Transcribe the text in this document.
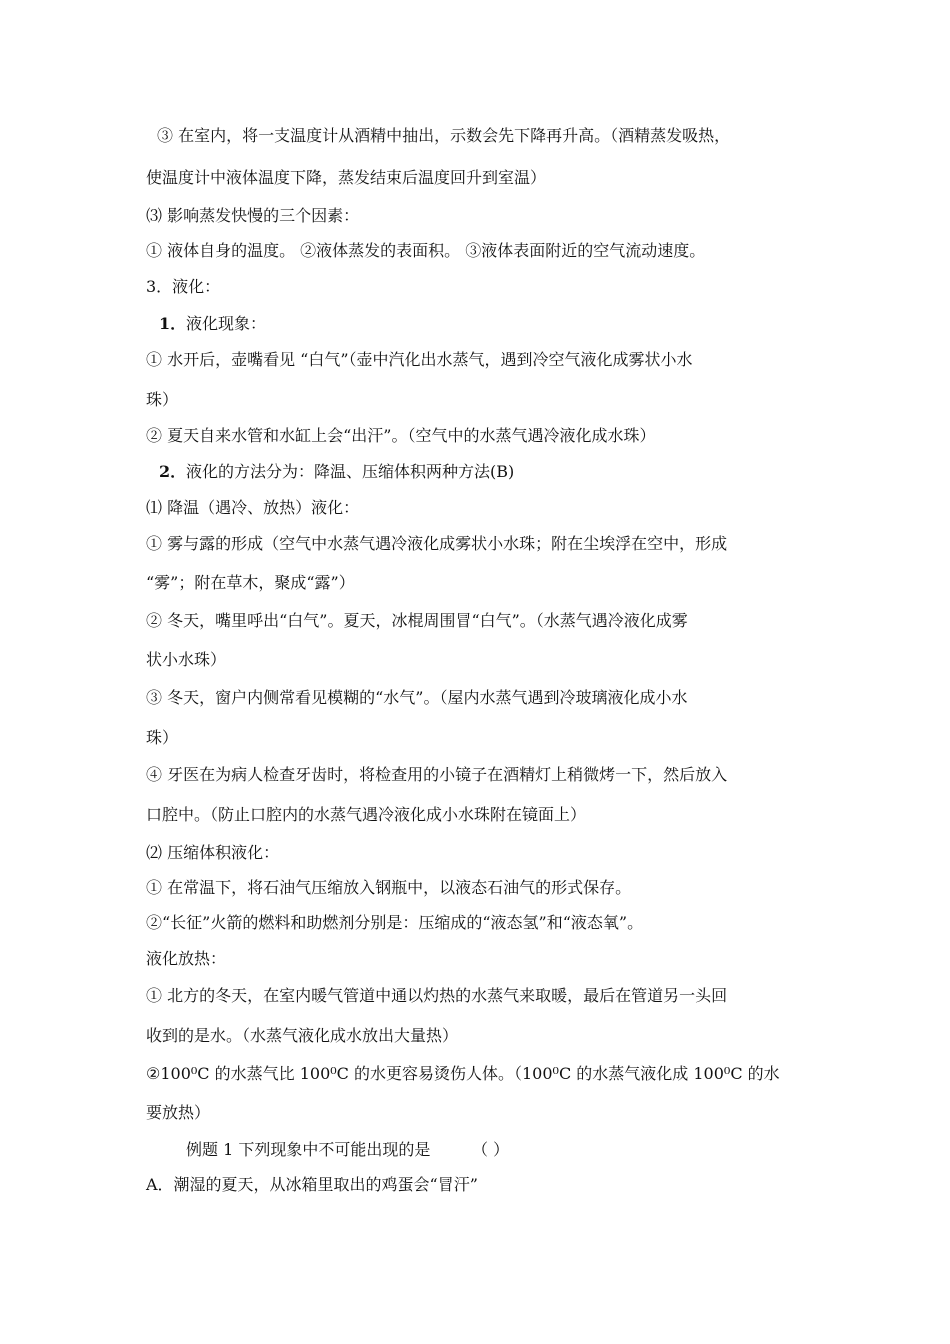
③ 在室内，将一支温度计从酒精中抽出，示数会先下降再升高。（酒精蒸发吸热，
使温度计中液体温度下降，蒸发结束后温度回升到室温）
⑶ 影响蒸发快慢的三个因素：
① 液体自身的温度。 ②液体蒸发的表面积。 ③液体表面附近的空气流动速度。
3．液化：
1． 液化现象：
① 水开后，壶嘴看见 “白气”（壶中汽化出水蒸气，遇到冷空气液化成雾状小水
珠）
② 夏天自来水管和水缸上会“出汗”。（空气中的水蒸气遇冷液化成水珠）
2． 液化的方法分为：降温、压缩体积两种方法(B)
⑴ 降温（遇冷、放热）液化：
① 雾与露的形成（空气中水蒸气遇冷液化成雾状小水珠；附在尘埃浮在空中，形成
“雾”；附在草木，聚成“露”）
② 冬天，嘴里呼出“白气”。夏天，冰棍周围冒“白气”。（水蒸气遇冷液化成雾
状小水珠）
③ 冬天，窗户内侧常看见模糊的“水气”。（屋内水蒸气遇到冷玻璃液化成小水
珠）
④ 牙医在为病人检查牙齿时，将检查用的小镜子在酒精灯上稍微烤一下，然后放入
口腔中。（防止口腔内的水蒸气遇冷液化成小水珠附在镜面上）
⑵ 压缩体积液化：
① 在常温下，将石油气压缩放入钢瓶中，以液态石油气的形式保存。
②“长征”火箭的燃料和助燃剂分别是：压缩成的“液态氢”和“液态氧”。
液化放热：
① 北方的冬天，在室内暖气管道中通以灼热的水蒸气来取暖，最后在管道另一头回
收到的是水。（水蒸气液化成水放出大量热）
②100⁰C 的水蒸气比 100⁰C 的水更容易烫伤人体。（100⁰C 的水蒸气液化成 100⁰C 的水
要放热）
例题 1 下列现象中不可能出现的是	（ ）
A．潮湿的夏天，从冰箱里取出的鸡蛋会“冒汗”
